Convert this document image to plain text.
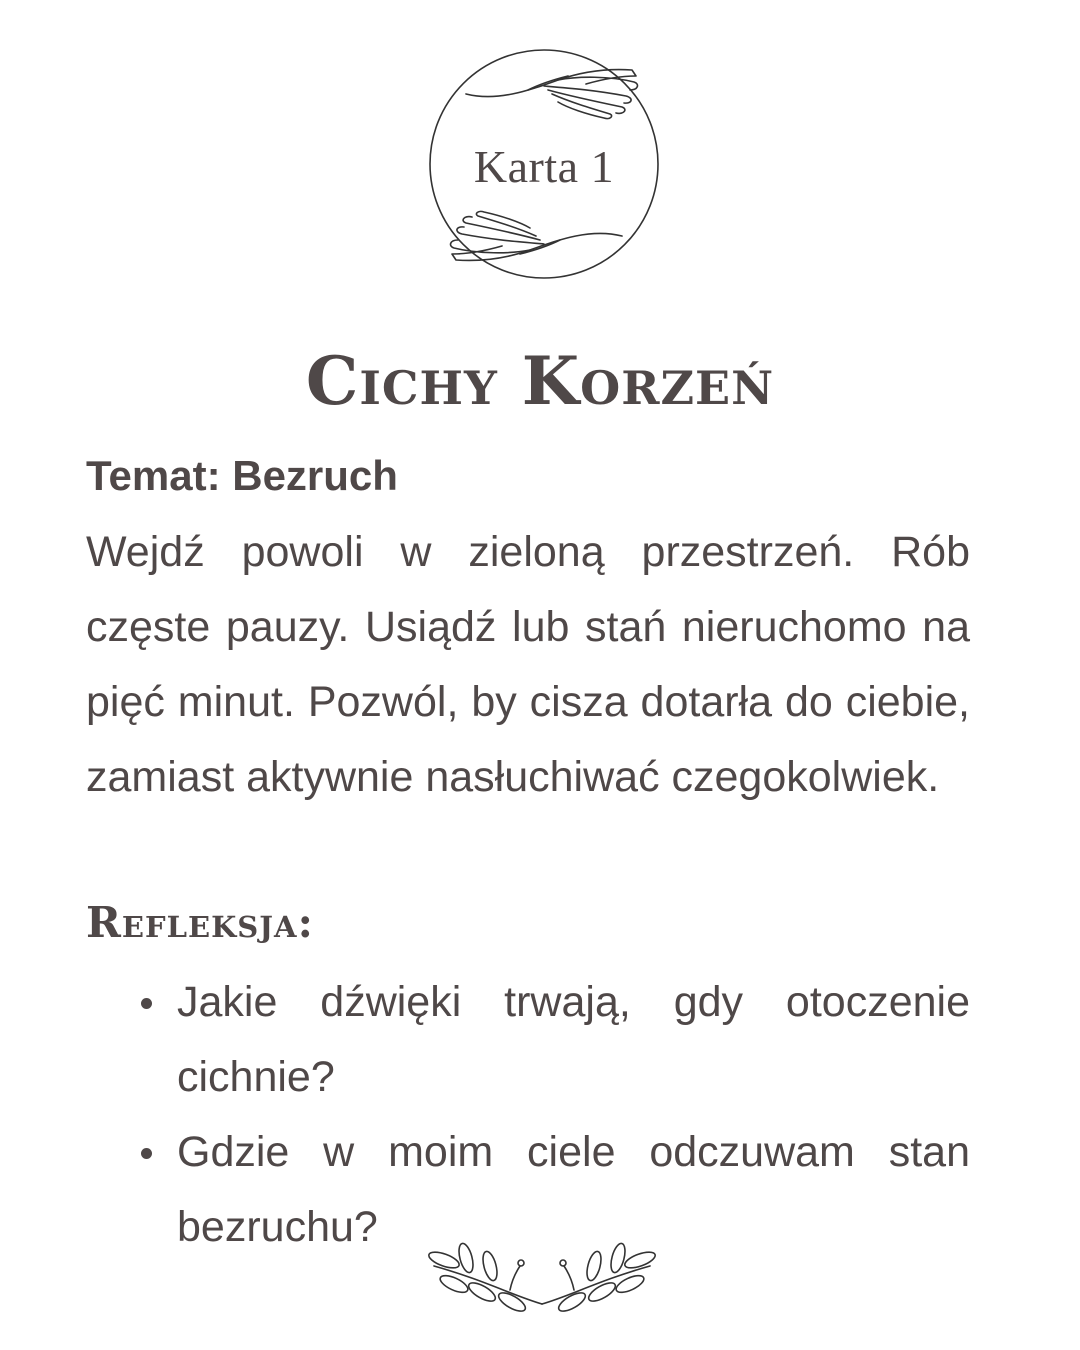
Karta 1
Cichy Korzeń
Temat: Bezruch

Wejdź powoli w zieloną przestrzeń. Rób częste pauzy. Usiądź lub stań nieruchomo na pięć minut. Pozwól, by cisza dotarła do ciebie, zamiast aktywnie nasłuchiwać czegokolwiek.

Refleksja:
Jakie dźwięki trwają, gdy otoczenie cichnie?
Gdzie w moim ciele odczuwam stan bezruchu?
